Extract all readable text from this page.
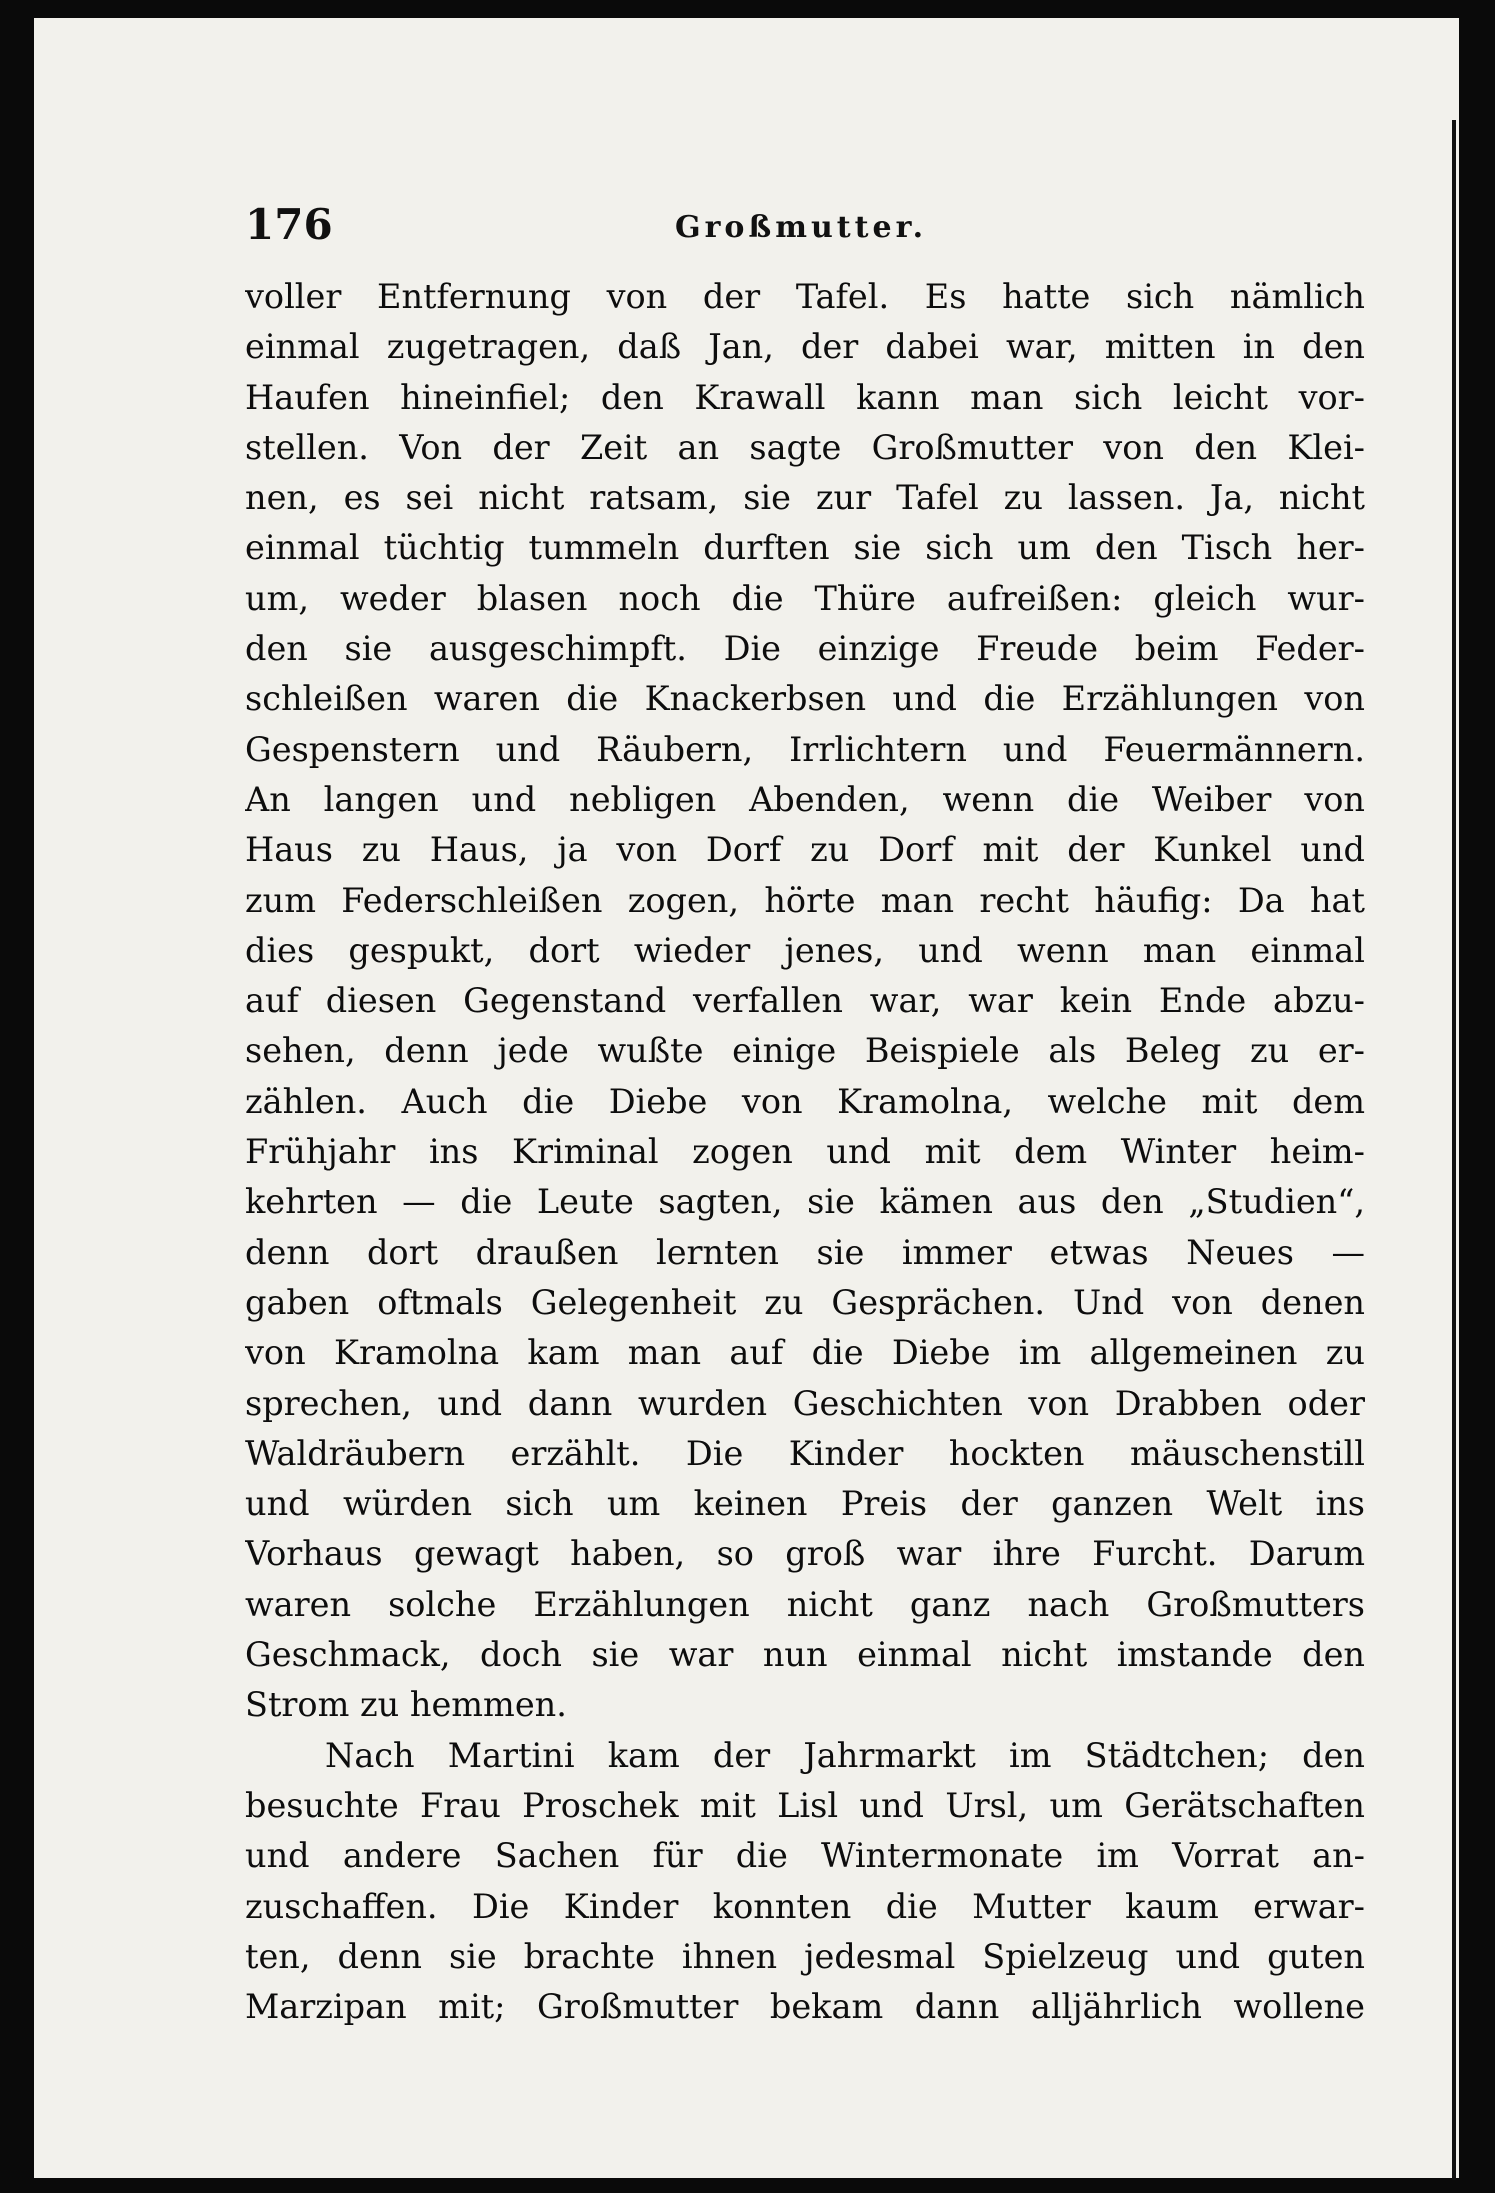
176	Großmutter.
voller Entfernung von der Tafel. Es hatte sich nämlich
einmal zugetragen, daß Jan, der dabei war, mitten in den
Haufen hineinfiel; den Krawall kann man sich leicht vor-
stellen. Von der Zeit an sagte Großmutter von den Klei-
nen, es sei nicht ratsam, sie zur Tafel zu lassen. Ja, nicht
einmal tüchtig tummeln durften sie sich um den Tisch her-
um, weder blasen noch die Thüre aufreißen: gleich wur-
den sie ausgeschimpft. Die einzige Freude beim Feder-
schleißen waren die Knackerbsen und die Erzählungen von
Gespenstern und Räubern, Irrlichtern und Feuermännern.
An langen und nebligen Abenden, wenn die Weiber von
Haus zu Haus, ja von Dorf zu Dorf mit der Kunkel und
zum Federschleißen zogen, hörte man recht häufig: Da hat
dies gespukt, dort wieder jenes, und wenn man einmal
auf diesen Gegenstand verfallen war, war kein Ende abzu-
sehen, denn jede wußte einige Beispiele als Beleg zu er-
zählen. Auch die Diebe von Kramolna, welche mit dem
Frühjahr ins Kriminal zogen und mit dem Winter heim-
kehrten — die Leute sagten, sie kämen aus den „Studien“,
denn dort draußen lernten sie immer etwas Neues —
gaben oftmals Gelegenheit zu Gesprächen. Und von denen
von Kramolna kam man auf die Diebe im allgemeinen zu
sprechen, und dann wurden Geschichten von Drabben oder
Waldräubern erzählt. Die Kinder hockten mäuschenstill
und würden sich um keinen Preis der ganzen Welt ins
Vorhaus gewagt haben, so groß war ihre Furcht. Darum
waren solche Erzählungen nicht ganz nach Großmutters
Geschmack, doch sie war nun einmal nicht imstande den
Strom zu hemmen.
Nach Martini kam der Jahrmarkt im Städtchen; den
besuchte Frau Proschek mit Lisl und Ursl, um Gerätschaften
und andere Sachen für die Wintermonate im Vorrat an-
zuschaffen. Die Kinder konnten die Mutter kaum erwar-
ten, denn sie brachte ihnen jedesmal Spielzeug und guten
Marzipan mit; Großmutter bekam dann alljährlich wollene
